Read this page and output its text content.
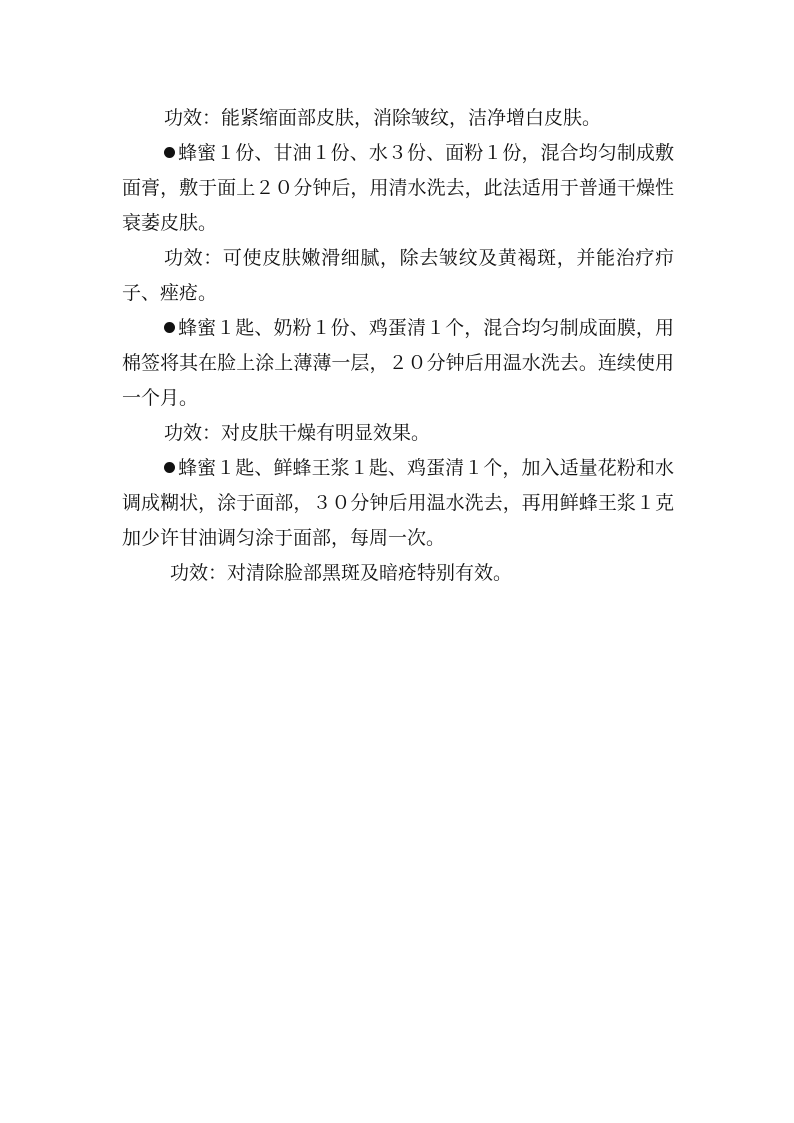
功效：能紧缩面部皮肤，消除皱纹，洁净增白皮肤。

蜂蜜１份、甘油１份、水３份、面粉１份，混合均匀制成敷面膏，敷于面上２０分钟后，用清水洗去，此法适用于普通干燥性衰萎皮肤。

功效：可使皮肤嫩滑细腻，除去皱纹及黄褐斑，并能治疗疖子、痤疮。

蜂蜜１匙、奶粉１份、鸡蛋清１个，混合均匀制成面膜，用棉签将其在脸上涂上薄薄一层，２０分钟后用温水洗去。连续使用一个月。

功效：对皮肤干燥有明显效果。

蜂蜜１匙、鲜蜂王浆１匙、鸡蛋清１个，加入适量花粉和水调成糊状，涂于面部，３０分钟后用温水洗去，再用鲜蜂王浆１克加少许甘油调匀涂于面部，每周一次。

功效：对清除脸部黑斑及暗疮特别有效。
